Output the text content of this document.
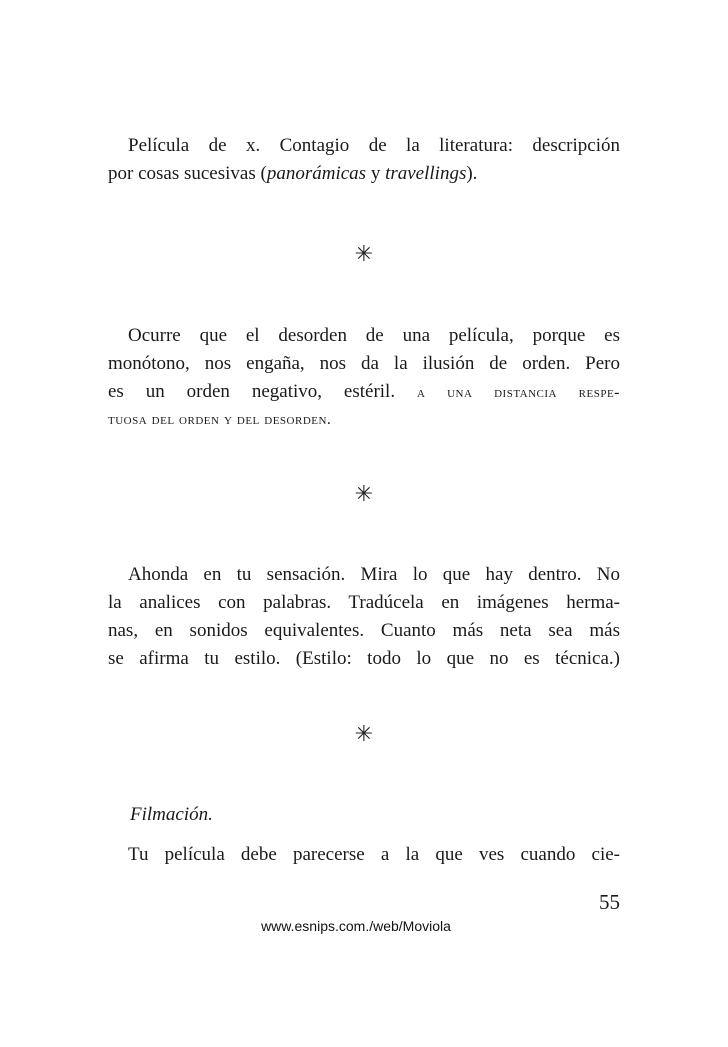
Película de x. Contagio de la literatura: descripción
por cosas sucesivas (panorámicas y travellings).
✳
Ocurre que el desorden de una película, porque es
monótono, nos engaña, nos da la ilusión de orden. Pero
es un orden negativo, estéril. a una distancia respe-
tuosa del orden y del desorden.
✳
Ahonda en tu sensación. Mira lo que hay dentro. No
la analices con palabras. Tradúcela en imágenes herma-
nas, en sonidos equivalentes. Cuanto más neta sea más
se afirma tu estilo. (Estilo: todo lo que no es técnica.)
✳
Filmación.
Tu película debe parecerse a la que ves cuando cie-
55
www.esnips.com./web/Moviola
